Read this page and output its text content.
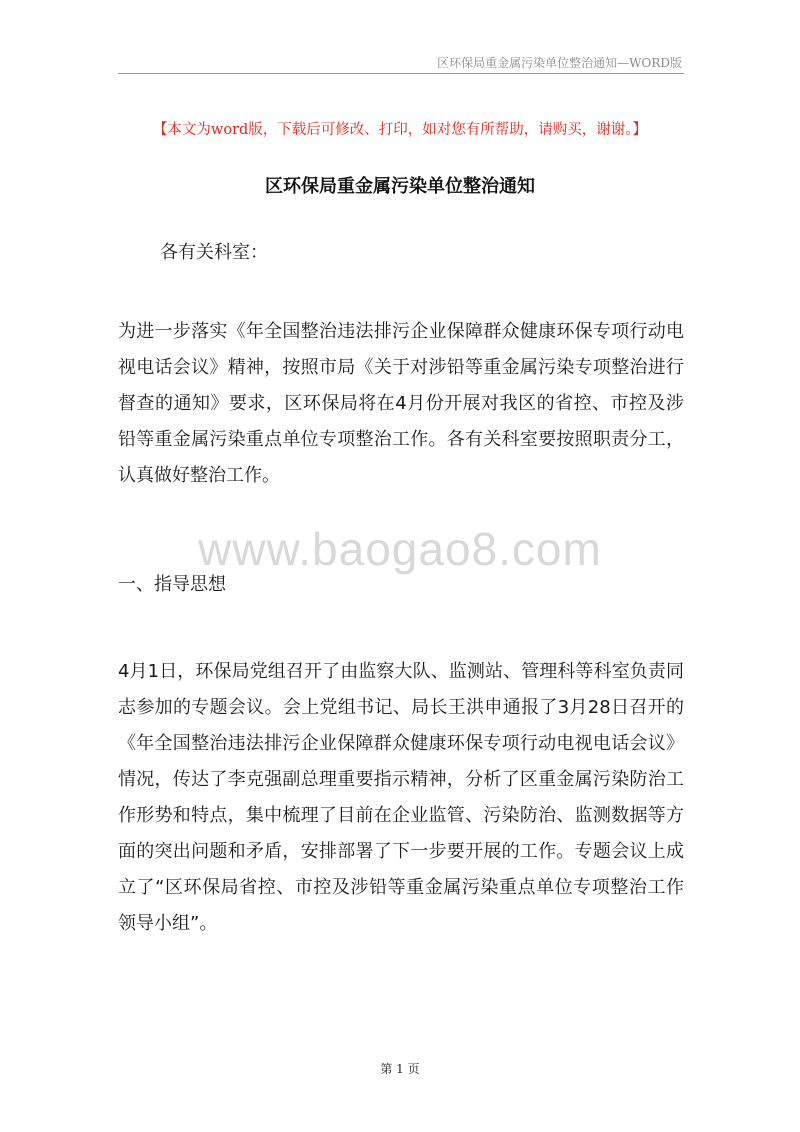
区环保局重金属污染单位整治通知—WORD版
【本文为word版，下载后可修改、打印，如对您有所帮助，请购买，谢谢。】
区环保局重金属污染单位整治通知
各有关科室：

为进一步落实《年全国整治违法排污企业保障群众健康环保专项行动电视电话会议》精神，按照市局《关于对涉铅等重金属污染专项整治进行督查的通知》要求，区环保局将在4月份开展对我区的省控、市控及涉铅等重金属污染重点单位专项整治工作。各有关科室要按照职责分工，认真做好整治工作。

www.baogao8.com
一、指导思想

4月1日，环保局党组召开了由监察大队、监测站、管理科等科室负责同志参加的专题会议。会上党组书记、局长王洪申通报了3月28日召开的《年全国整治违法排污企业保障群众健康环保专项行动电视电话会议》情况，传达了李克强副总理重要指示精神，分析了区重金属污染防治工作形势和特点，集中梳理了目前在企业监管、污染防治、监测数据等方面的突出问题和矛盾，安排部署了下一步要开展的工作。专题会议上成立了“区环保局省控、市控及涉铅等重金属污染重点单位专项整治工作领导小组”。

第 1 页
